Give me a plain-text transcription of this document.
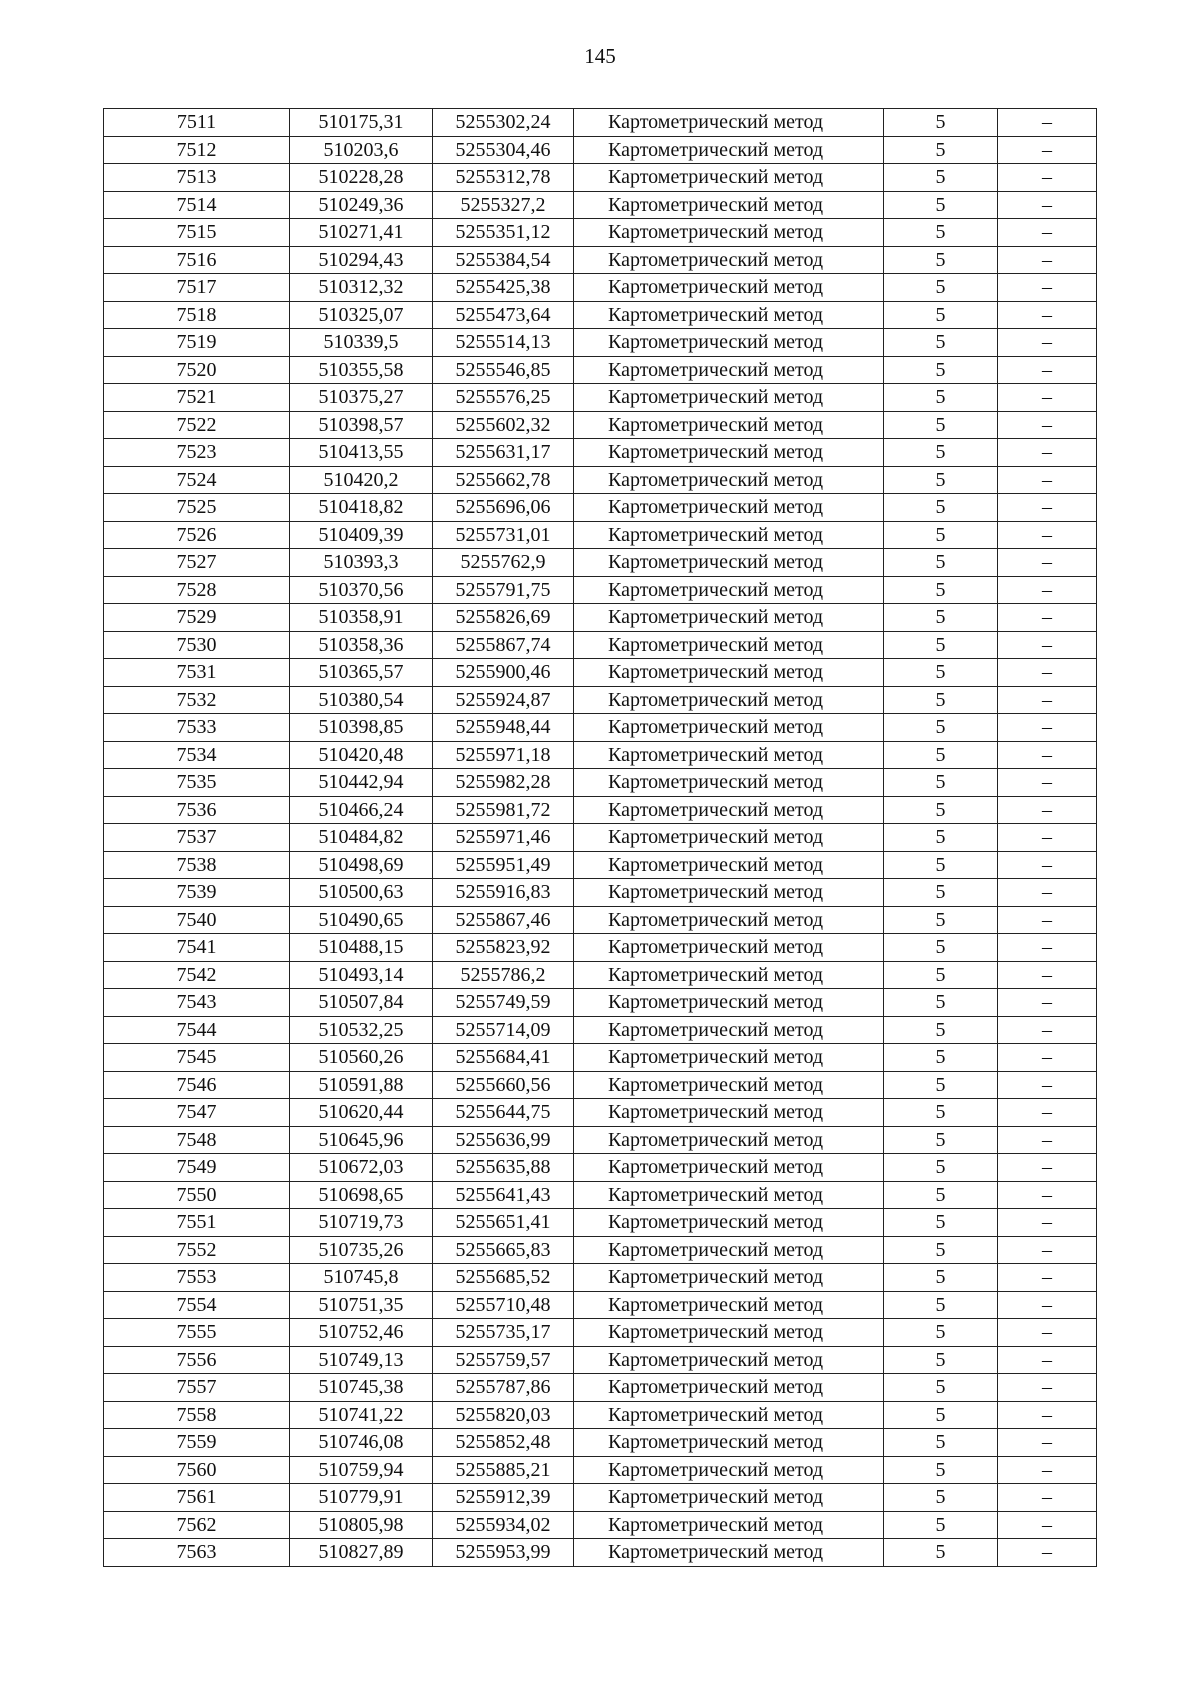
145
7511	510175,31	5255302,24	Картометрический метод	5	–
7512	510203,6	5255304,46	Картометрический метод	5	–
7513	510228,28	5255312,78	Картометрический метод	5	–
7514	510249,36	5255327,2	Картометрический метод	5	–
7515	510271,41	5255351,12	Картометрический метод	5	–
7516	510294,43	5255384,54	Картометрический метод	5	–
7517	510312,32	5255425,38	Картометрический метод	5	–
7518	510325,07	5255473,64	Картометрический метод	5	–
7519	510339,5	5255514,13	Картометрический метод	5	–
7520	510355,58	5255546,85	Картометрический метод	5	–
7521	510375,27	5255576,25	Картометрический метод	5	–
7522	510398,57	5255602,32	Картометрический метод	5	–
7523	510413,55	5255631,17	Картометрический метод	5	–
7524	510420,2	5255662,78	Картометрический метод	5	–
7525	510418,82	5255696,06	Картометрический метод	5	–
7526	510409,39	5255731,01	Картометрический метод	5	–
7527	510393,3	5255762,9	Картометрический метод	5	–
7528	510370,56	5255791,75	Картометрический метод	5	–
7529	510358,91	5255826,69	Картометрический метод	5	–
7530	510358,36	5255867,74	Картометрический метод	5	–
7531	510365,57	5255900,46	Картометрический метод	5	–
7532	510380,54	5255924,87	Картометрический метод	5	–
7533	510398,85	5255948,44	Картометрический метод	5	–
7534	510420,48	5255971,18	Картометрический метод	5	–
7535	510442,94	5255982,28	Картометрический метод	5	–
7536	510466,24	5255981,72	Картометрический метод	5	–
7537	510484,82	5255971,46	Картометрический метод	5	–
7538	510498,69	5255951,49	Картометрический метод	5	–
7539	510500,63	5255916,83	Картометрический метод	5	–
7540	510490,65	5255867,46	Картометрический метод	5	–
7541	510488,15	5255823,92	Картометрический метод	5	–
7542	510493,14	5255786,2	Картометрический метод	5	–
7543	510507,84	5255749,59	Картометрический метод	5	–
7544	510532,25	5255714,09	Картометрический метод	5	–
7545	510560,26	5255684,41	Картометрический метод	5	–
7546	510591,88	5255660,56	Картометрический метод	5	–
7547	510620,44	5255644,75	Картометрический метод	5	–
7548	510645,96	5255636,99	Картометрический метод	5	–
7549	510672,03	5255635,88	Картометрический метод	5	–
7550	510698,65	5255641,43	Картометрический метод	5	–
7551	510719,73	5255651,41	Картометрический метод	5	–
7552	510735,26	5255665,83	Картометрический метод	5	–
7553	510745,8	5255685,52	Картометрический метод	5	–
7554	510751,35	5255710,48	Картометрический метод	5	–
7555	510752,46	5255735,17	Картометрический метод	5	–
7556	510749,13	5255759,57	Картометрический метод	5	–
7557	510745,38	5255787,86	Картометрический метод	5	–
7558	510741,22	5255820,03	Картометрический метод	5	–
7559	510746,08	5255852,48	Картометрический метод	5	–
7560	510759,94	5255885,21	Картометрический метод	5	–
7561	510779,91	5255912,39	Картометрический метод	5	–
7562	510805,98	5255934,02	Картометрический метод	5	–
7563	510827,89	5255953,99	Картометрический метод	5	–
